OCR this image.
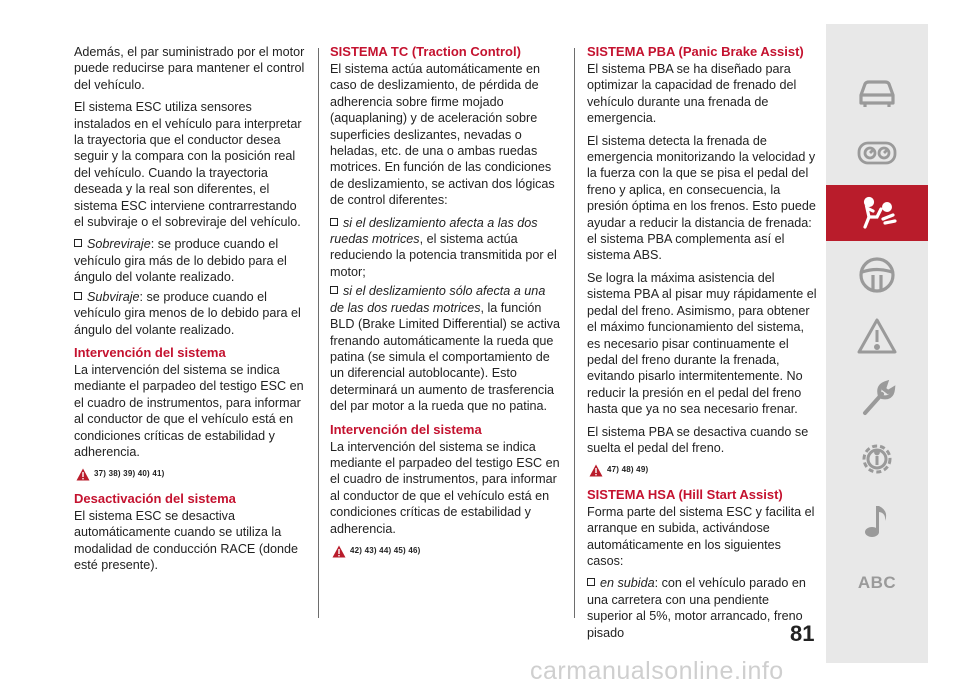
Además, el par suministrado por el motor puede reducirse para mantener el control del vehículo.

El sistema ESC utiliza sensores instalados en el vehículo para interpretar la trayectoria que el conductor desea seguir y la compara con la posición real del vehículo. Cuando la trayectoria deseada y la real son diferentes, el sistema ESC interviene contrarrestando el subviraje o el sobreviraje del vehículo.

Sobreviraje: se produce cuando el vehículo gira más de lo debido para el ángulo del volante realizado.

Subviraje: se produce cuando el vehículo gira menos de lo debido para el ángulo del volante realizado.

Intervención del sistema

La intervención del sistema se indica mediante el parpadeo del testigo ESC en el cuadro de instrumentos, para informar al conductor de que el vehículo está en condiciones críticas de estabilidad y adherencia.

37) 38) 39) 40) 41)
Desactivación del sistema

El sistema ESC se desactiva automáticamente cuando se utiliza la modalidad de conducción RACE (donde esté presente).

SISTEMA TC (Traction Control)

El sistema actúa automáticamente en caso de deslizamiento, de pérdida de adherencia sobre firme mojado (aquaplaning) y de aceleración sobre superficies deslizantes, nevadas o heladas, etc. de una o ambas ruedas motrices. En función de las condiciones de deslizamiento, se activan dos lógicas de control diferentes:

si el deslizamiento afecta a las dos ruedas motrices, el sistema actúa reduciendo la potencia transmitida por el motor;

si el deslizamiento sólo afecta a una de las dos ruedas motrices, la función BLD (Brake Limited Differential) se activa frenando automáticamente la rueda que patina (se simula el comportamiento de un diferencial autoblocante). Esto determinará un aumento de trasferencia del par motor a la rueda que no patina.

Intervención del sistema

La intervención del sistema se indica mediante el parpadeo del testigo ESC en el cuadro de instrumentos, para informar al conductor de que el vehículo está en condiciones críticas de estabilidad y adherencia.

42) 43) 44) 45) 46)
SISTEMA PBA (Panic Brake Assist)

El sistema PBA se ha diseñado para optimizar la capacidad de frenado del vehículo durante una frenada de emergencia.

El sistema detecta la frenada de emergencia monitorizando la velocidad y la fuerza con la que se pisa el pedal del freno y aplica, en consecuencia, la presión óptima en los frenos. Esto puede ayudar a reducir la distancia de frenada: el sistema PBA complementa así el sistema ABS.

Se logra la máxima asistencia del sistema PBA al pisar muy rápidamente el pedal del freno. Asimismo, para obtener el máximo funcionamiento del sistema, es necesario pisar continuamente el pedal del freno durante la frenada, evitando pisarlo intermitentemente. No reducir la presión en el pedal del freno hasta que ya no sea necesario frenar.

El sistema PBA se desactiva cuando se suelta el pedal del freno.

47) 48) 49)
SISTEMA HSA (Hill Start Assist)

Forma parte del sistema ESC y facilita el arranque en subida, activándose automáticamente en los siguientes casos:

en subida: con el vehículo parado en una carretera con una pendiente superior al 5%, motor arrancado, freno pisado

ABC
81
carmanualsonline.info
